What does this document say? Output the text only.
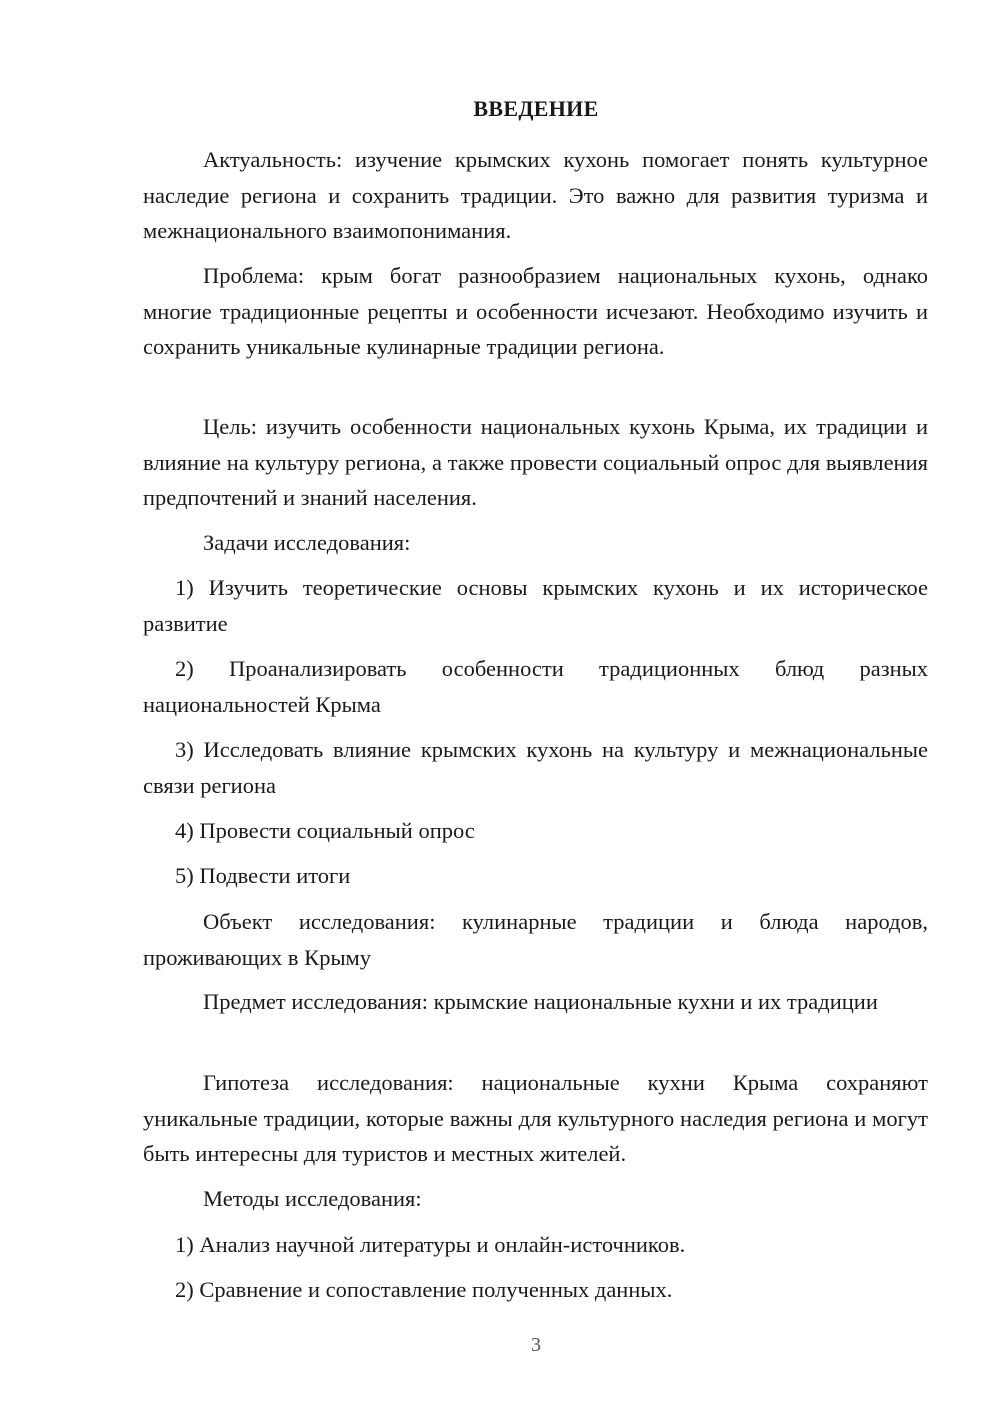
ВВЕДЕНИЕ
Актуальность: изучение крымских кухонь помогает понять культурное наследие региона и сохранить традиции. Это важно для развития туризма и межнационального взаимопонимания.
Проблема: крым богат разнообразием национальных кухонь, однако многие традиционные рецепты и особенности исчезают. Необходимо изучить и сохранить уникальные кулинарные традиции региона.
Цель: изучить особенности национальных кухонь Крыма, их традиции и влияние на культуру региона, а также провести социальный опрос для выявления предпочтений и знаний населения.
Задачи исследования:
1) Изучить теоретические основы крымских кухонь и их историческое развитие
2) Проанализировать особенности традиционных блюд разных национальностей Крыма
3) Исследовать влияние крымских кухонь на культуру и межнациональные связи региона
4) Провести социальный опрос
5) Подвести итоги
Объект исследования: кулинарные традиции и блюда народов, проживающих в Крыму
Предмет исследования: крымские национальные кухни и их традиции
Гипотеза исследования: национальные кухни Крыма сохраняют уникальные традиции, которые важны для культурного наследия региона и могут быть интересны для туристов и местных жителей.
Методы исследования:
1) Анализ научной литературы и онлайн-источников.
2) Сравнение и сопоставление полученных данных.
3
